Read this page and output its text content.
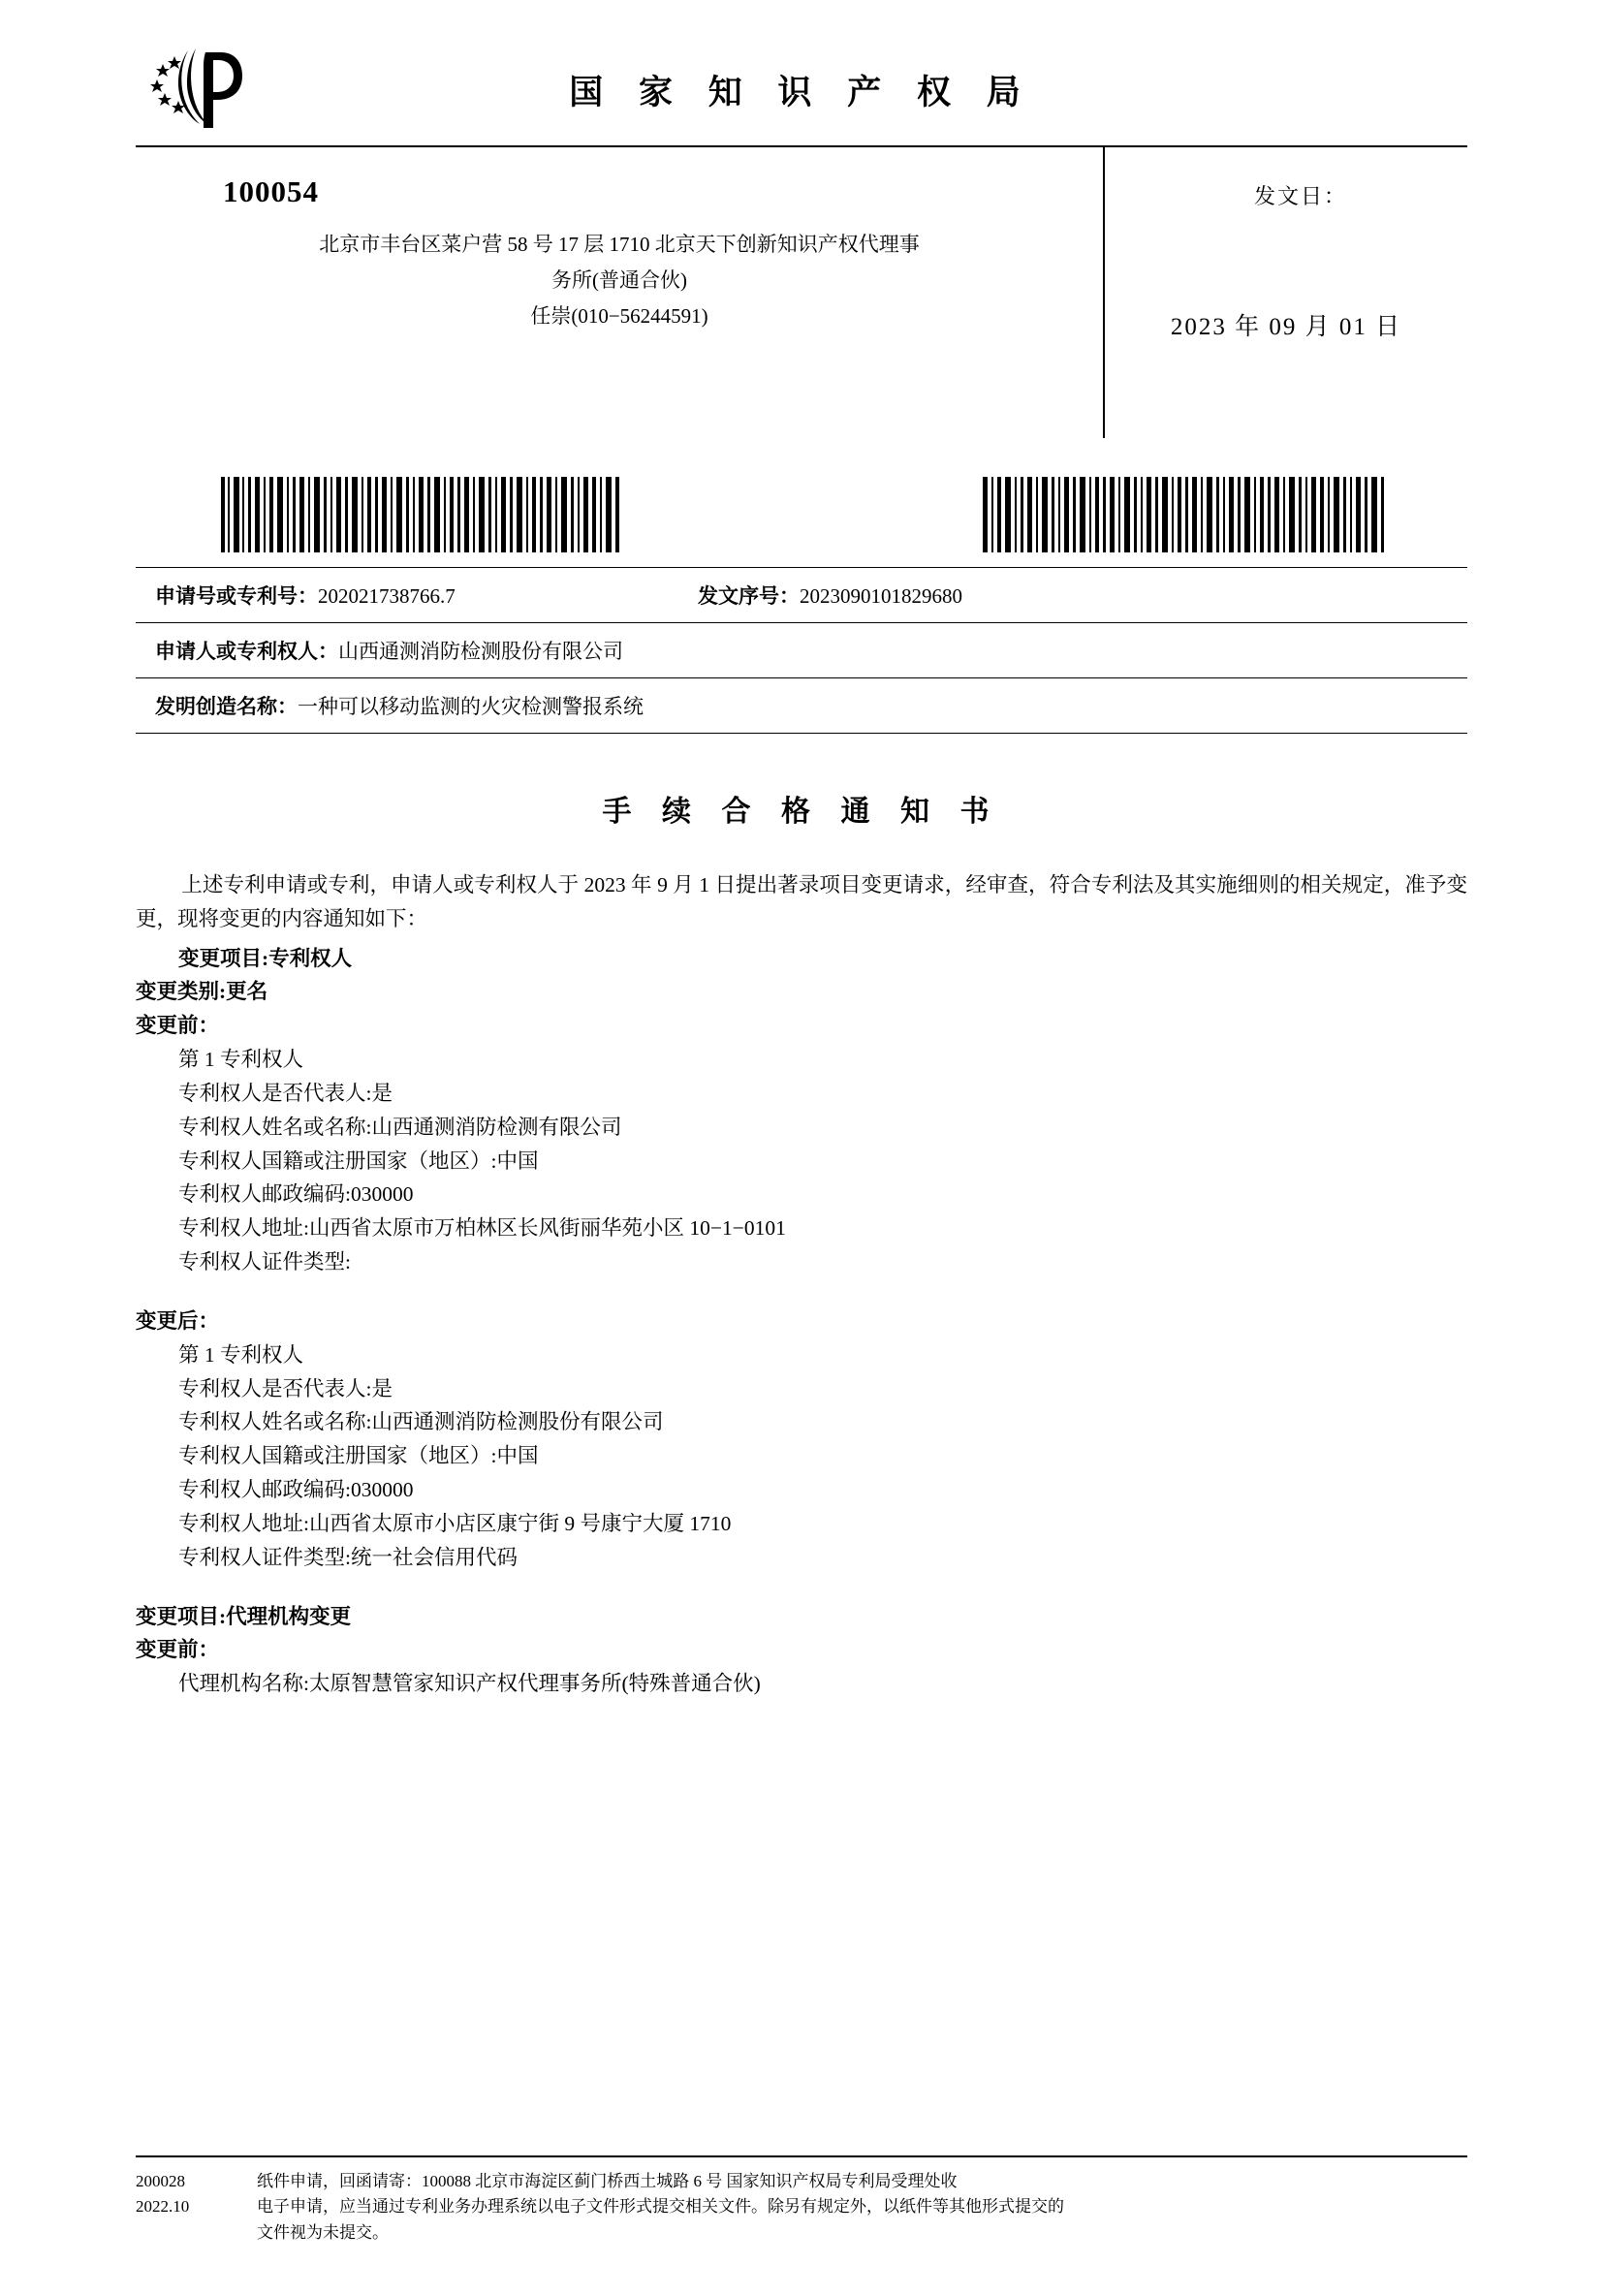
国 家 知 识 产 权 局
100054
北京市丰台区菜户营 58 号 17 层 1710 北京天下创新知识产权代理事
务所(普通合伙)
任崇(010−56244591)
发文日：
2023 年 09 月 01 日
申请号或专利号：202021738766.7	发文序号：2023090101829680
申请人或专利权人：山西通测消防检测股份有限公司
发明创造名称：一种可以移动监测的火灾检测警报系统
手 续 合 格 通 知 书
上述专利申请或专利，申请人或专利权人于 2023 年 9 月 1 日提出著录项目变更请求，经审查，符合专利法及其实施细则的相关规定，准予变更，现将变更的内容通知如下：
变更项目:专利权人
变更类别:更名
变更前：
第 1 专利权人
专利权人是否代表人:是
专利权人姓名或名称:山西通测消防检测有限公司
专利权人国籍或注册国家（地区）:中国
专利权人邮政编码:030000
专利权人地址:山西省太原市万柏林区长风街丽华苑小区 10−1−0101
专利权人证件类型:
变更后：
第 1 专利权人
专利权人是否代表人:是
专利权人姓名或名称:山西通测消防检测股份有限公司
专利权人国籍或注册国家（地区）:中国
专利权人邮政编码:030000
专利权人地址:山西省太原市小店区康宁街 9 号康宁大厦 1710
专利权人证件类型:统一社会信用代码
变更项目:代理机构变更
变更前：
代理机构名称:太原智慧管家知识产权代理事务所(特殊普通合伙)
200028
2022.10
纸件申请，回函请寄：100088 北京市海淀区蓟门桥西土城路 6 号 国家知识产权局专利局受理处收
电子申请，应当通过专利业务办理系统以电子文件形式提交相关文件。除另有规定外，以纸件等其他形式提交的
文件视为未提交。
